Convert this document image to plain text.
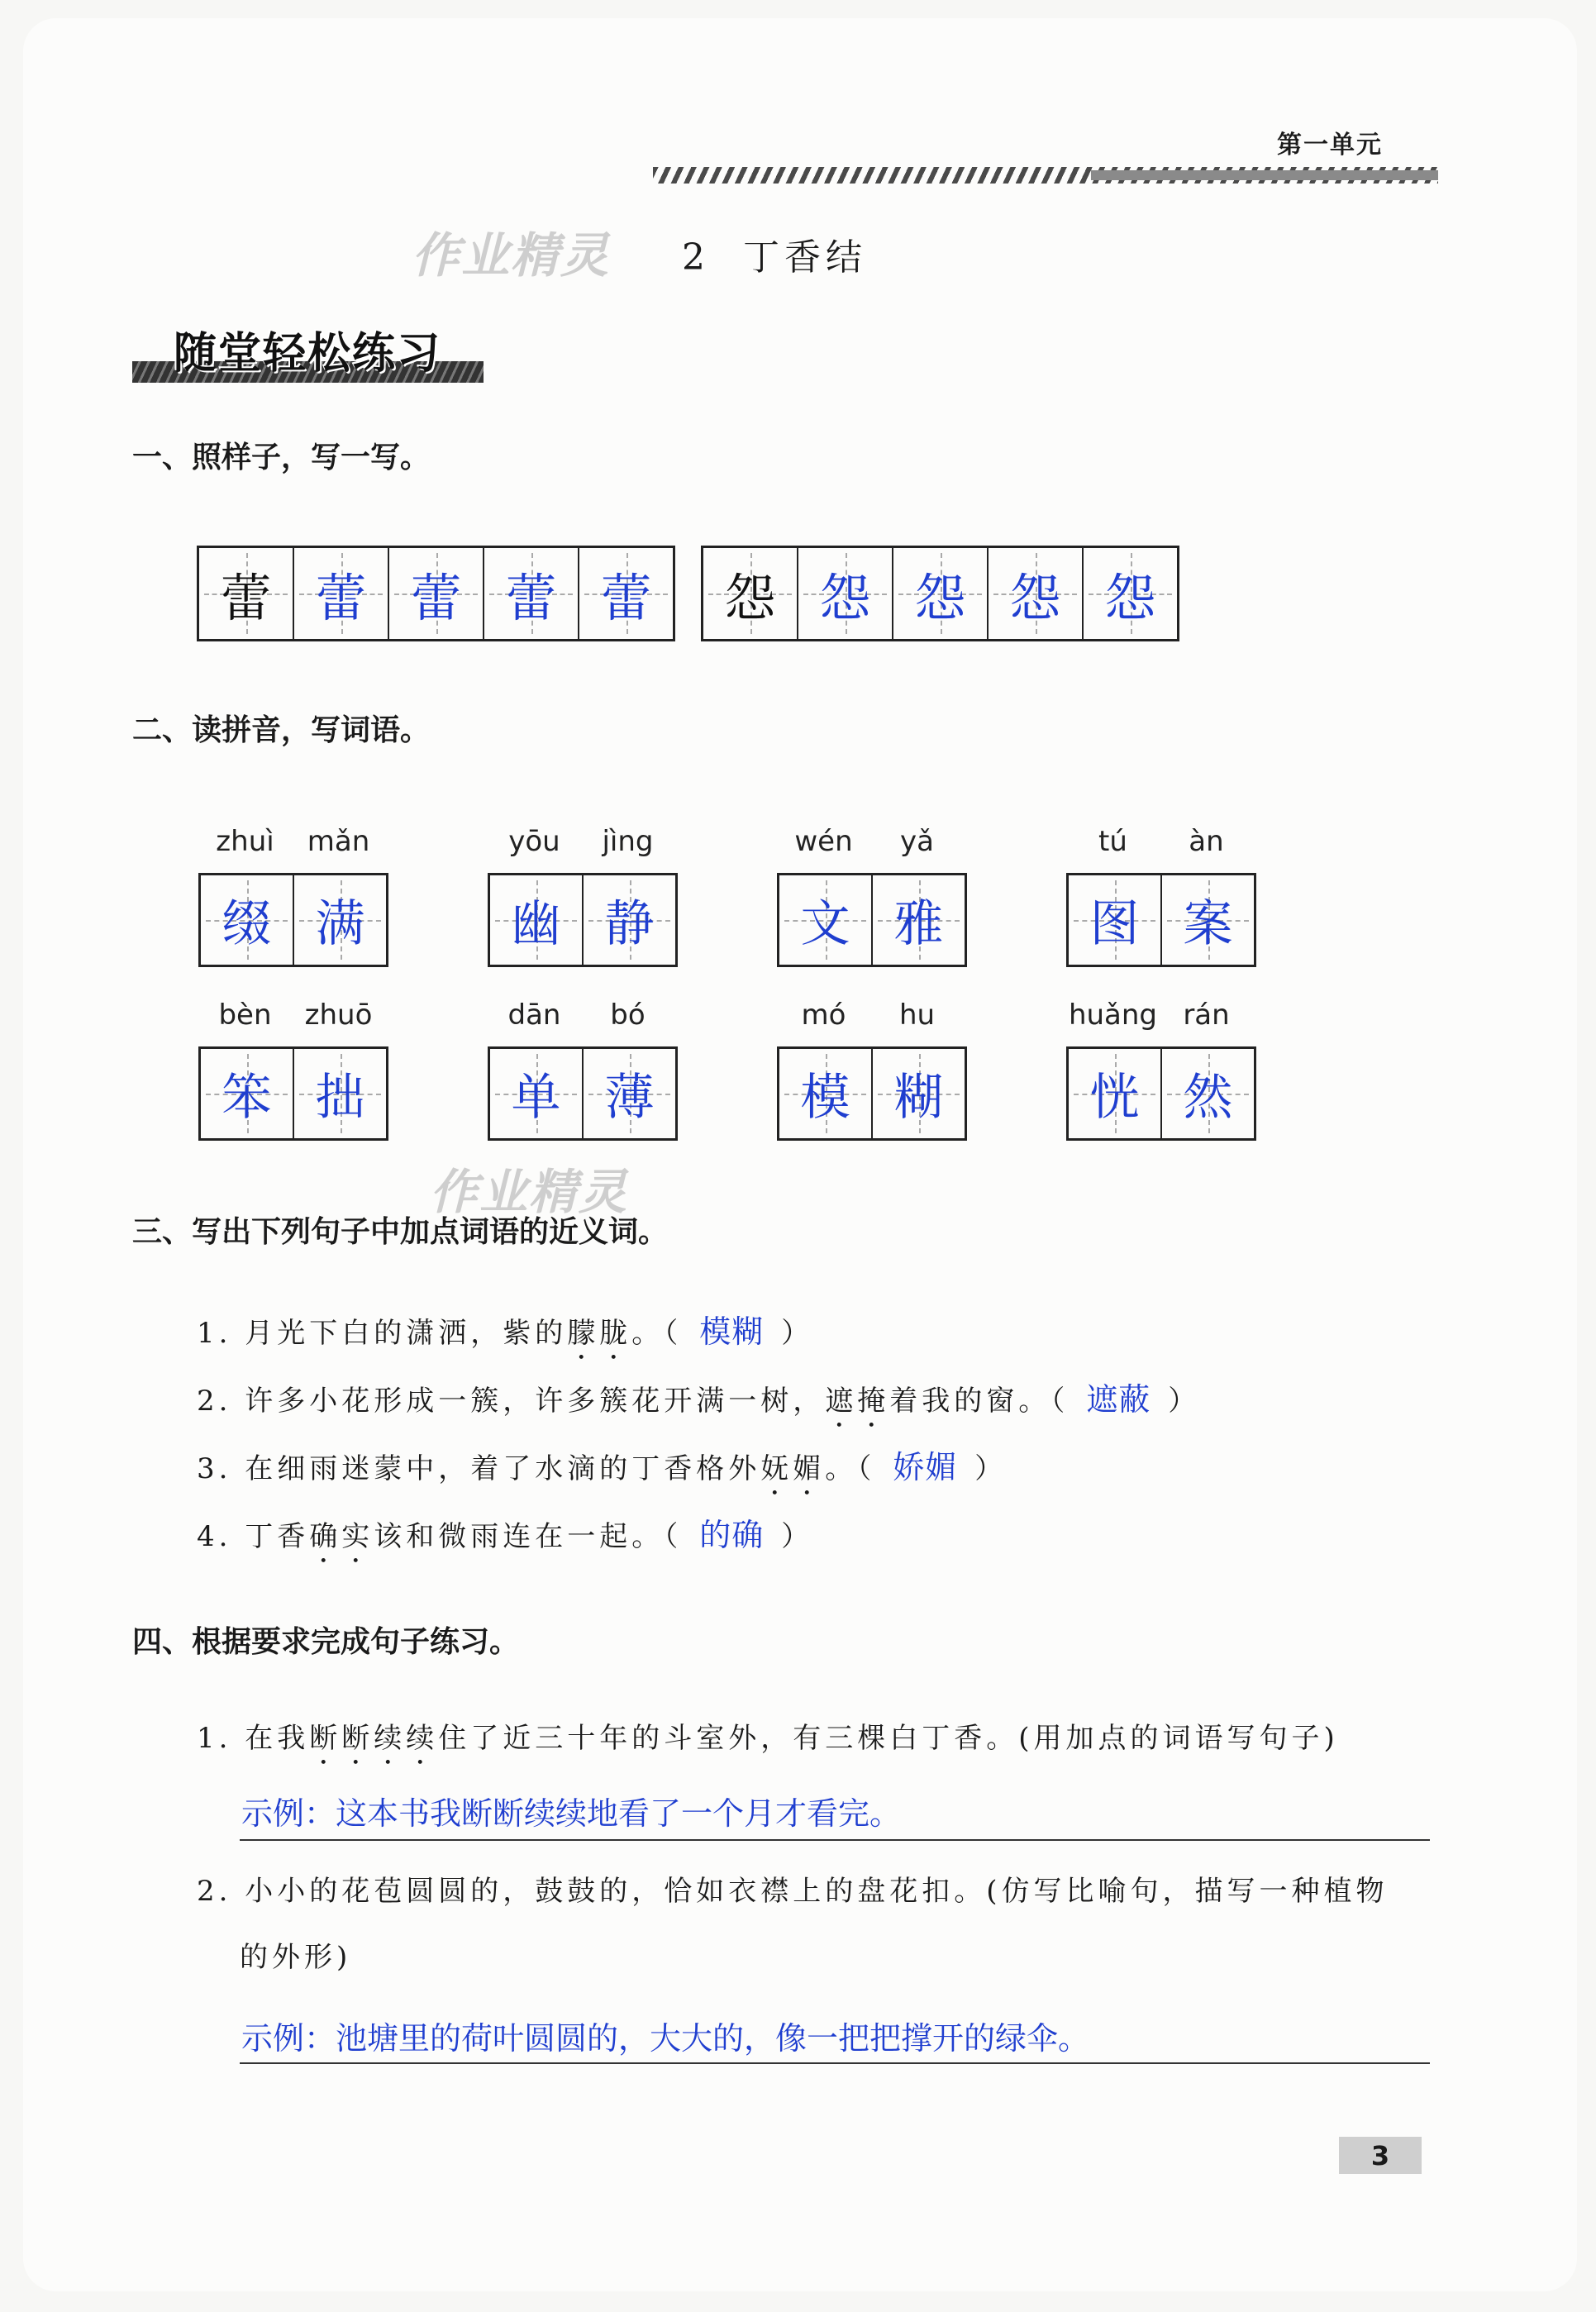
第一单元
作业精灵 2 丁香结
随堂轻松练习
一、照样子，写一写。
蕾 蕾 蕾 蕾 蕾 怨 怨 怨 怨 怨
二、读拼音，写词语。
zhuì	mǎn
缀 满
yōu	jìng
幽 静
wén	yǎ
文 雅
tú	àn
图 案
bèn	zhuō
笨 拙
dān	bó
单 薄
mó	hu
模 糊
huǎng rán
恍 然
作业精灵
三、写出下列句子中加点词语的近义词。
1. 月光下白的潇洒，紫的朦胧。（ 模糊 ）
2. 许多小花形成一簇，许多簇花开满一树，遮掩着我的窗。（ 遮蔽 ）
3. 在细雨迷蒙中，着了水滴的丁香格外妩媚。（ 娇媚 ）
4. 丁香确实该和微雨连在一起。（ 的确 ）
四、根据要求完成句子练习。
1. 在我断断续续住了近三十年的斗室外，有三棵白丁香。(用加点的词语写句子)
示例：这本书我断断续续地看了一个月才看完。
2. 小小的花苞圆圆的，鼓鼓的，恰如衣襟上的盘花扣。(仿写比喻句，描写一种植物
的外形)
示例：池塘里的荷叶圆圆的，大大的，像一把把撑开的绿伞。
3
